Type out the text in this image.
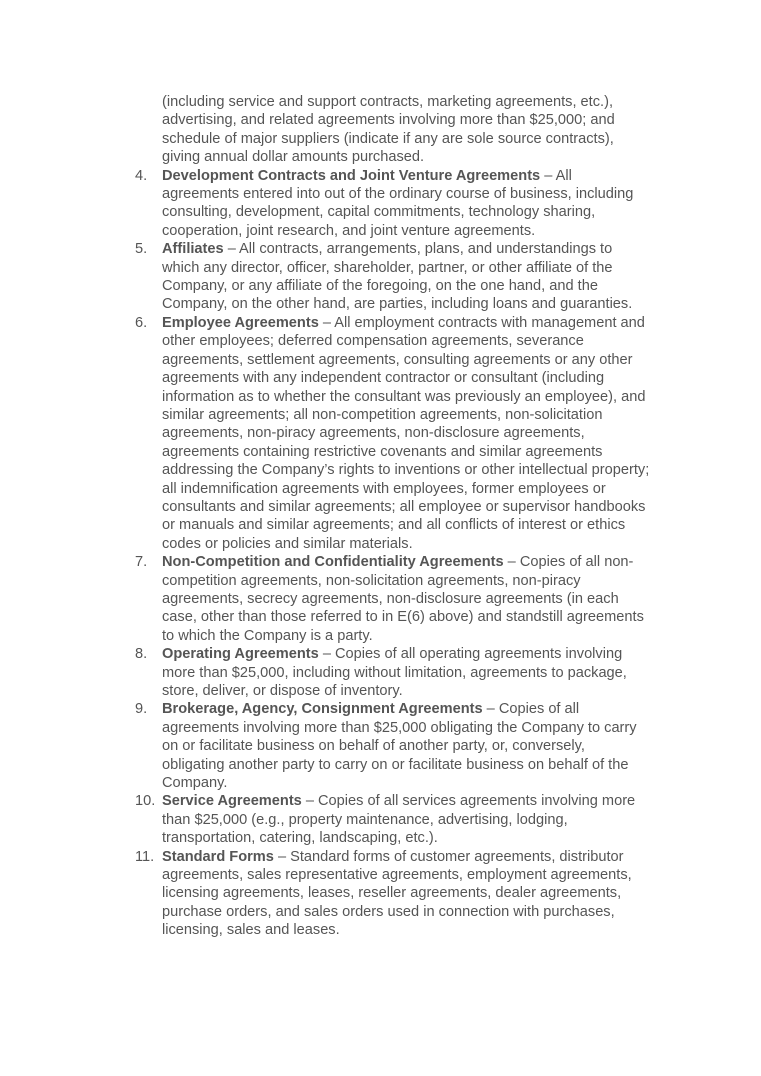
(including service and support contracts, marketing agreements, etc.), advertising, and related agreements involving more than $25,000; and schedule of major suppliers (indicate if any are sole source contracts), giving annual dollar amounts purchased.
4.	Development Contracts and Joint Venture Agreements – All agreements entered into out of the ordinary course of business, including consulting, development, capital commitments, technology sharing, cooperation, joint research, and joint venture agreements.
5.	Affiliates – All contracts, arrangements, plans, and understandings to which any director, officer, shareholder, partner, or other affiliate of the Company, or any affiliate of the foregoing, on the one hand, and the Company, on the other hand, are parties, including loans and guaranties.
6.	Employee Agreements – All employment contracts with management and other employees; deferred compensation agreements, severance agreements, settlement agreements, consulting agreements or any other agreements with any independent contractor or consultant (including information as to whether the consultant was previously an employee), and similar agreements; all non-competition agreements, non-solicitation agreements, non-piracy agreements, non-disclosure agreements, agreements containing restrictive covenants and similar agreements addressing the Company’s rights to inventions or other intellectual property; all indemnification agreements with employees, former employees or consultants and similar agreements; all employee or supervisor handbooks or manuals and similar agreements; and all conflicts of interest or ethics codes or policies and similar materials.
7.	Non-Competition and Confidentiality Agreements – Copies of all non-competition agreements, non-solicitation agreements, non-piracy agreements, secrecy agreements, non-disclosure agreements (in each case, other than those referred to in E(6) above) and standstill agreements to which the Company is a party.
8.	Operating Agreements – Copies of all operating agreements involving more than $25,000, including without limitation, agreements to package, store, deliver, or dispose of inventory.
9.	Brokerage, Agency, Consignment Agreements – Copies of all agreements involving more than $25,000 obligating the Company to carry on or facilitate business on behalf of another party, or, conversely, obligating another party to carry on or facilitate business on behalf of the Company.
10. Service Agreements – Copies of all services agreements involving more than $25,000 (e.g., property maintenance, advertising, lodging, transportation, catering, landscaping, etc.).
11. Standard Forms – Standard forms of customer agreements, distributor agreements, sales representative agreements, employment agreements, licensing agreements, leases, reseller agreements, dealer agreements, purchase orders, and sales orders used in connection with purchases, licensing, sales and leases.
